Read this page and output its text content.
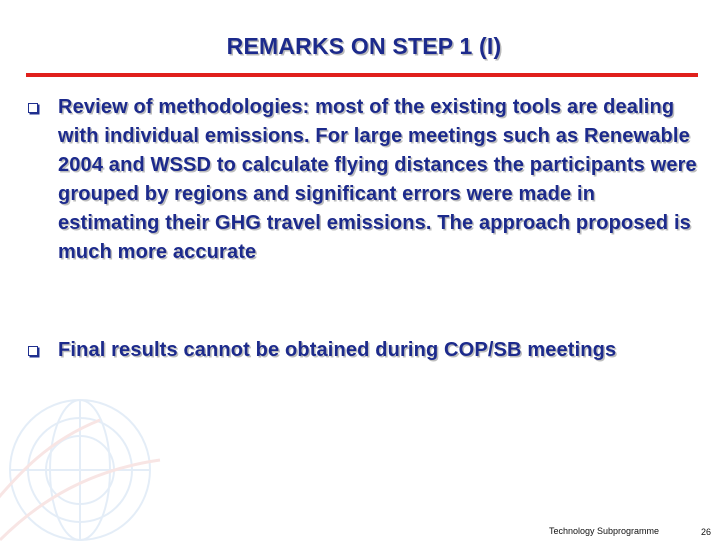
REMARKS ON STEP 1 (I)
Review of methodologies: most of the existing tools are dealing with individual emissions. For large meetings such as Renewable 2004 and WSSD to calculate flying distances the participants were grouped by regions and significant errors were made in estimating their GHG travel emissions. The approach proposed is much more accurate
Final results cannot be obtained during COP/SB meetings
Technology Subprogramme	26
